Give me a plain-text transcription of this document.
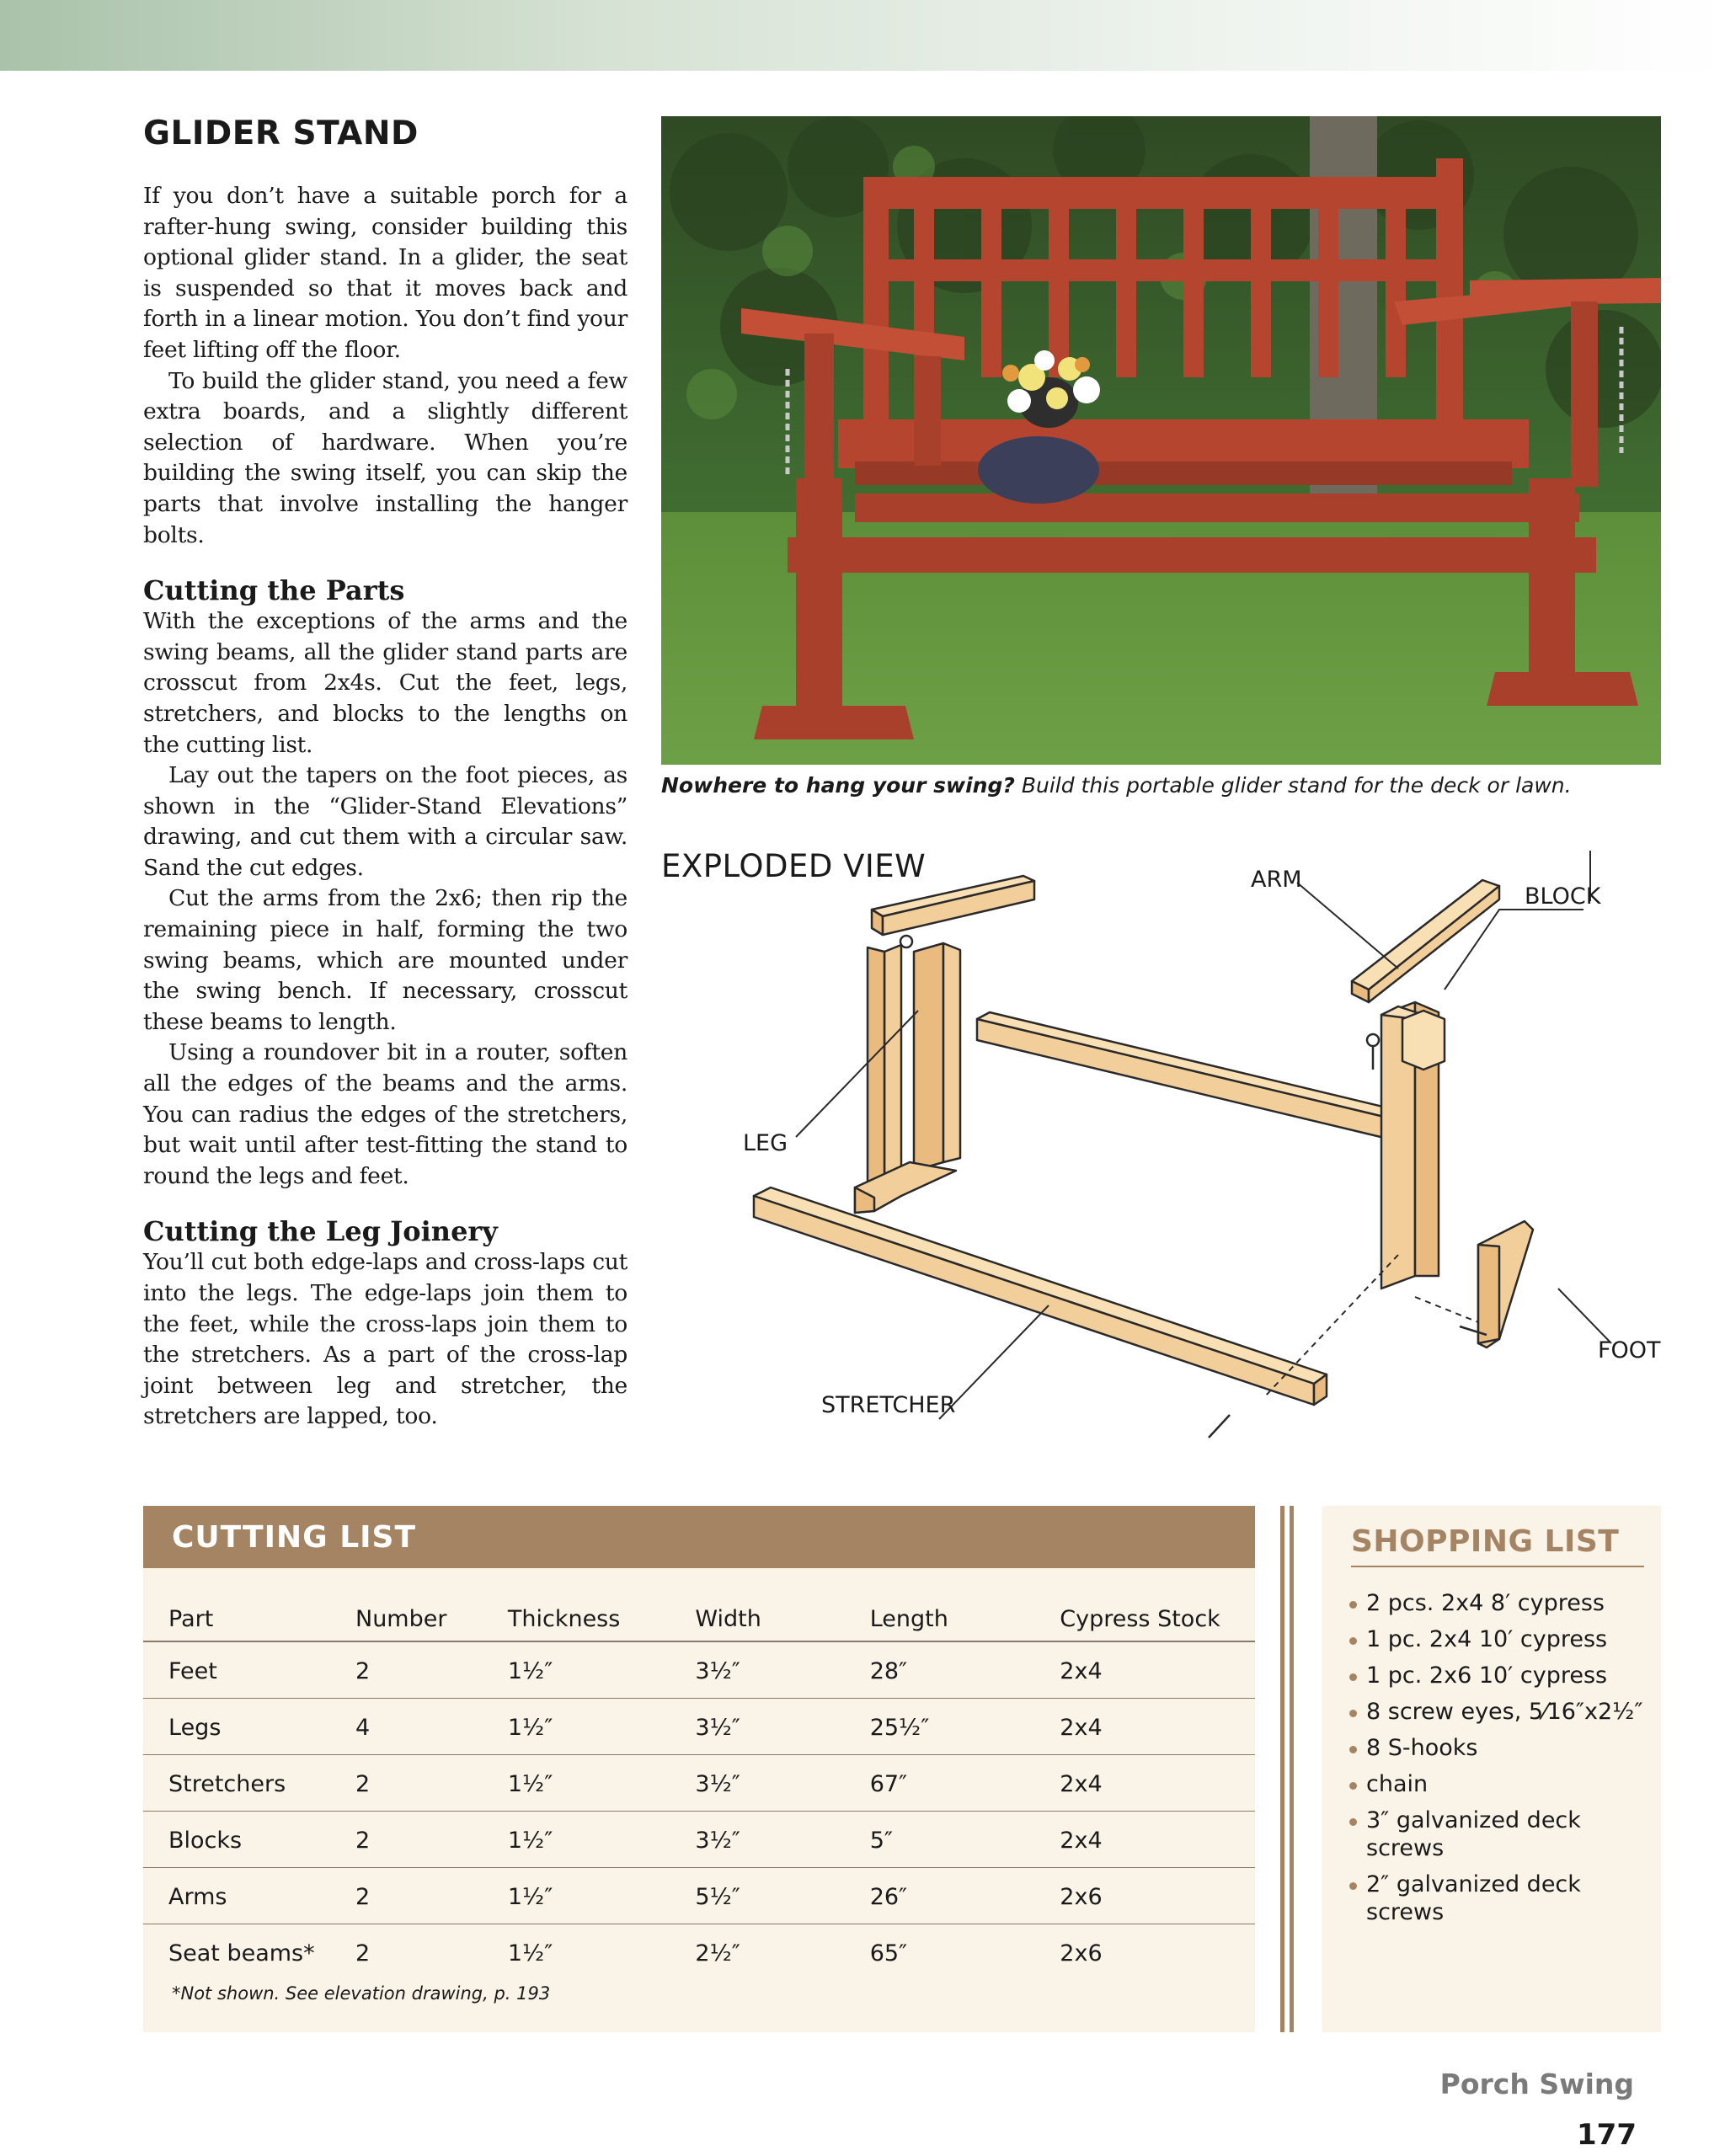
GLIDER STAND

If you don’t have a suitable porch for a rafter-hung swing, consider building this optional glider stand. In a glider, the seat is suspended so that it moves back and forth in a linear motion. You don’t find your feet lifting off the floor.

To build the glider stand, you need a few extra boards, and a slightly different selection of hardware. When you’re building the swing itself, you can skip the parts that involve installing the hanger bolts.

Cutting the Parts

With the exceptions of the arms and the swing beams, all the glider stand parts are crosscut from 2x4s. Cut the feet, legs, stretchers, and blocks to the lengths on the cutting list.

Lay out the tapers on the foot pieces, as shown in the “Glider-Stand Elevations” drawing, and cut them with a circular saw. Sand the cut edges.

Cut the arms from the 2x6; then rip the remaining piece in half, forming the two swing beams, which are mounted under the swing bench. If necessary, crosscut these beams to length.

Using a roundover bit in a router, soften all the edges of the beams and the arms. You can radius the edges of the stretchers, but wait until after test-fitting the stand to round the legs and feet.

Cutting the Leg Joinery

You’ll cut both edge-laps and cross-laps cut into the legs. The edge-laps join them to the feet, while the cross-laps join them to the stretchers. As a part of the cross-lap joint between leg and stretcher, the stretchers are lapped, too.

Nowhere to hang your swing? Build this portable glider stand for the deck or lawn.
EXPLODED VIEW	ARM
BLOCK
LEG
FOOT
STRETCHER
CUTTING LIST
Part	Number	Thickness	Width	Length	Cypress Stock
Feet	2	1½″	3½″	28″	2x4
Legs	4	1½″	3½″	25½″	2x4
Stretchers	2	1½″	3½″	67″	2x4
Blocks	2	1½″	3½″	5″	2x4
Arms	2	1½″	5½″	26″	2x6
Seat beams*	2	1½″	2½″	65″	2x6
*Not shown. See elevation drawing, p. 193
SHOPPING LIST
2 pcs. 2x4 8′ cypress
1 pc. 2x4 10′ cypress
1 pc. 2x6 10′ cypress
8 screw eyes, 5⁄16″x2½″
8 S-hooks
chain
3″ galvanized deck screws
2″ galvanized deck screws
Porch Swing
177
